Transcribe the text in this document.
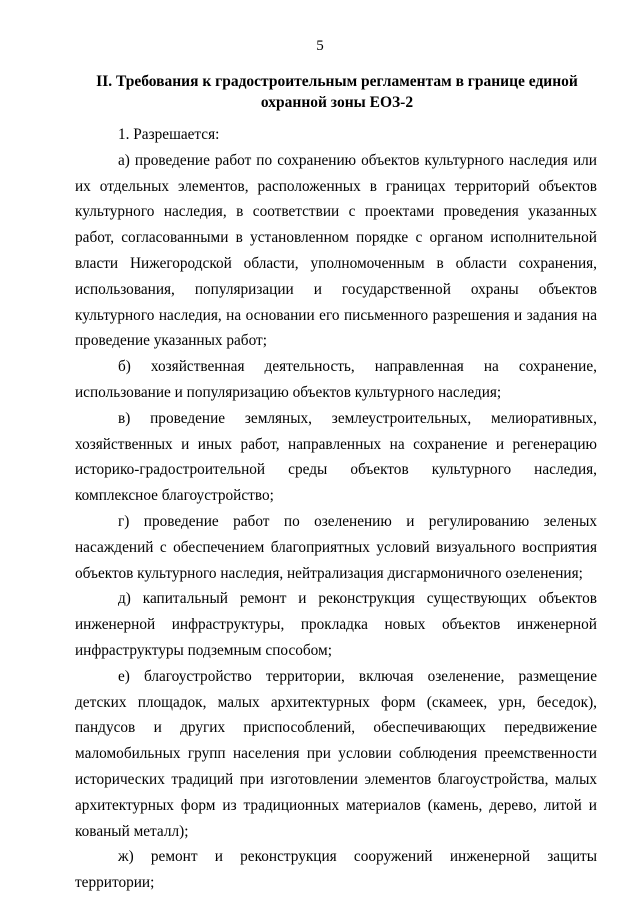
5
II. Требования к градостроительным регламентам в границе единой
охранной зоны ЕОЗ-2

1. Разрешается:

а) проведение работ по сохранению объектов культурного наследия или их отдельных элементов, расположенных в границах территорий объектов культурного наследия, в соответствии с проектами проведения указанных работ, согласованными в установленном порядке с органом исполнительной власти Нижегородской области, уполномоченным в области сохранения, использования, популяризации и государственной охраны объектов культурного наследия, на основании его письменного разрешения и задания на проведение указанных работ;

б) хозяйственная деятельность, направленная на сохранение, использование и популяризацию объектов культурного наследия;

в) проведение земляных, землеустроительных, мелиоративных, хозяйственных и иных работ, направленных на сохранение и регенерацию историко-градостроительной среды объектов культурного наследия, комплексное благоустройство;

г) проведение работ по озеленению и регулированию зеленых насаждений с обеспечением благоприятных условий визуального восприятия объектов культурного наследия, нейтрализация дисгармоничного озеленения;

д) капитальный ремонт и реконструкция существующих объектов инженерной инфраструктуры, прокладка новых объектов инженерной инфраструктуры подземным способом;

е) благоустройство территории, включая озеленение, размещение детских площадок, малых архитектурных форм (скамеек, урн, беседок), пандусов и других приспособлений, обеспечивающих передвижение маломобильных групп населения при условии соблюдения преемственности исторических традиций при изготовлении элементов благоустройства, малых архитектурных форм из традиционных материалов (камень, дерево, литой и кованый металл);

ж) ремонт и реконструкция сооружений инженерной защиты территории;
